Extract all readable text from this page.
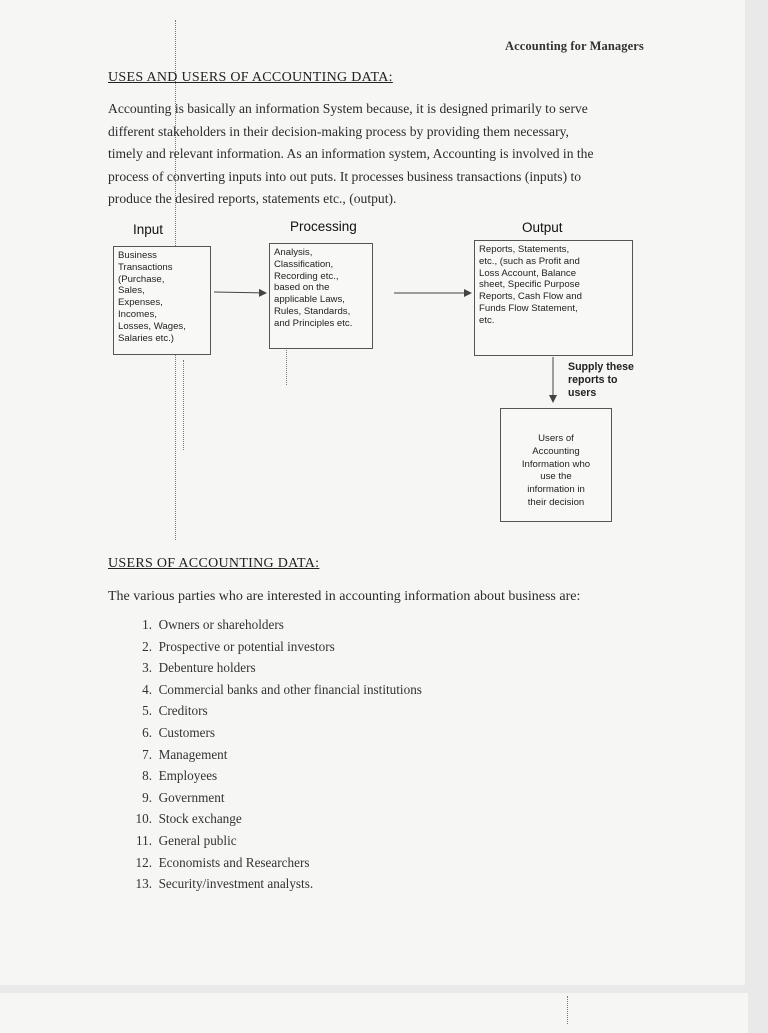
Accounting for Managers
USES AND USERS OF ACCOUNTING DATA:
Accounting is basically an information System because, it is designed primarily to serve
different stakeholders in their decision-making process by providing them necessary,
timely and relevant information. As an information system, Accounting is involved in the
process of converting inputs into out puts. It processes business transactions (inputs) to
produce the desired reports, statements etc., (output).
Input	Processing	Output
Business
Transactions
(Purchase,
Sales,
Expenses,
Incomes,
Losses, Wages,
Salaries etc.)
Analysis,
Classification,
Recording etc.,
based on the
applicable Laws,
Rules, Standards,
and Principles etc.
Reports, Statements,
etc., (such as Profit and
Loss Account, Balance
sheet, Specific Purpose
Reports, Cash Flow and
Funds Flow Statement,
etc.
Supply these
reports to
users
Users of
Accounting
Information who
use the
information in
their decision
USERS OF ACCOUNTING DATA:
The various parties who are interested in accounting information about business are:
1. Owners or shareholders
2. Prospective or potential investors
3. Debenture holders
4. Commercial banks and other financial institutions
5. Creditors
6. Customers
7. Management
8. Employees
9. Government
10. Stock exchange
11. General public
12. Economists and Researchers
13. Security/investment analysts.
